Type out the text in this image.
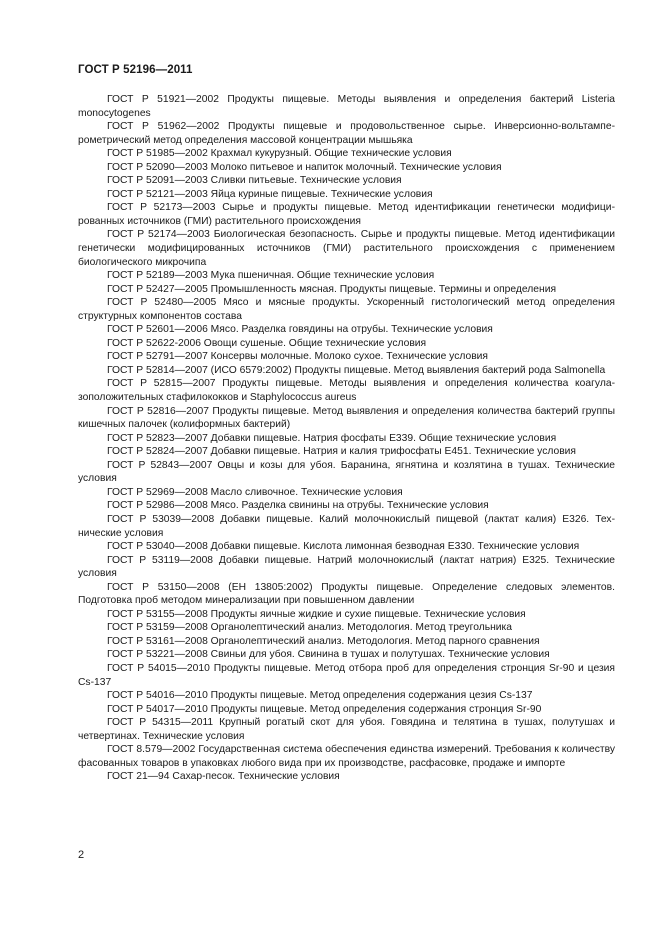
ГОСТ Р 52196—2011

ГОСТ Р 51921—2002 Продукты пищевые. Методы выявления и определения бактерий Listeria monocytogenes

ГОСТ Р 51962—2002 Продукты пищевые и продовольственное сырье. Инверсионно-вольтамперометрический метод определения массовой концентрации мышьяка

ГОСТ Р 51985—2002 Крахмал кукурузный. Общие технические условия

ГОСТ Р 52090—2003 Молоко питьевое и напиток молочный. Технические условия

ГОСТ Р 52091—2003 Сливки питьевые. Технические условия

ГОСТ Р 52121—2003 Яйца куриные пищевые. Технические условия

ГОСТ Р 52173—2003 Сырье и продукты пищевые. Метод идентификации генетически модифицированных источников (ГМИ) растительного происхождения

ГОСТ Р 52174—2003 Биологическая безопасность. Сырье и продукты пищевые. Метод идентификации генетически модифицированных источников (ГМИ) растительного происхождения с применением биологического микрочипа

ГОСТ Р 52189—2003 Мука пшеничная. Общие технические условия

ГОСТ Р 52427—2005 Промышленность мясная. Продукты пищевые. Термины и определения

ГОСТ Р 52480—2005 Мясо и мясные продукты. Ускоренный гистологический метод определения структурных компонентов состава

ГОСТ Р 52601—2006 Мясо. Разделка говядины на отрубы. Технические условия

ГОСТ Р 52622-2006 Овощи сушеные. Общие технические условия

ГОСТ Р 52791—2007 Консервы молочные. Молоко сухое. Технические условия

ГОСТ Р 52814—2007 (ИСО 6579:2002) Продукты пищевые. Метод выявления бактерий рода Salmonella

ГОСТ Р 52815—2007 Продукты пищевые. Методы выявления и определения количества коагулазоположительных стафилококков и Staphylococcus aureus

ГОСТ Р 52816—2007 Продукты пищевые. Метод выявления и определения количества бактерий группы кишечных палочек (колиформных бактерий)

ГОСТ Р 52823—2007 Добавки пищевые. Натрия фосфаты Е339. Общие технические условия

ГОСТ Р 52824—2007 Добавки пищевые. Натрия и калия трифосфаты Е451. Технические условия

ГОСТ Р 52843—2007 Овцы и козы для убоя. Баранина, ягнятина и козлятина в тушах. Технические условия

ГОСТ Р 52969—2008 Масло сливочное. Технические условия

ГОСТ Р 52986—2008 Мясо. Разделка свинины на отрубы. Технические условия

ГОСТ Р 53039—2008 Добавки пищевые. Калий молочнокислый пищевой (лактат калия) Е326. Технические условия

ГОСТ Р 53040—2008 Добавки пищевые. Кислота лимонная безводная Е330. Технические условия

ГОСТ Р 53119—2008 Добавки пищевые. Натрий молочнокислый (лактат натрия) Е325. Технические условия

ГОСТ Р 53150—2008 (ЕН 13805:2002) Продукты пищевые. Определение следовых элементов. Подготовка проб методом минерализации при повышенном давлении

ГОСТ Р 53155—2008 Продукты яичные жидкие и сухие пищевые. Технические условия

ГОСТ Р 53159—2008 Органолептический анализ. Методология. Метод треугольника

ГОСТ Р 53161—2008 Органолептический анализ. Методология. Метод парного сравнения

ГОСТ Р 53221—2008 Свиньи для убоя. Свинина в тушах и полутушах. Технические условия

ГОСТ Р 54015—2010 Продукты пищевые. Метод отбора проб для определения стронция Sr-90 и цезия Cs-137

ГОСТ Р 54016—2010 Продукты пищевые. Метод определения содержания цезия Cs-137

ГОСТ Р 54017—2010 Продукты пищевые. Метод определения содержания стронция Sr-90

ГОСТ Р 54315—2011 Крупный рогатый скот для убоя. Говядина и телятина в тушах, полутушах и четвертинах. Технические условия

ГОСТ 8.579—2002 Государственная система обеспечения единства измерений. Требования к количеству фасованных товаров в упаковках любого вида при их производстве, расфасовке, продаже и импорте

ГОСТ 21—94 Сахар-песок. Технические условия

2
